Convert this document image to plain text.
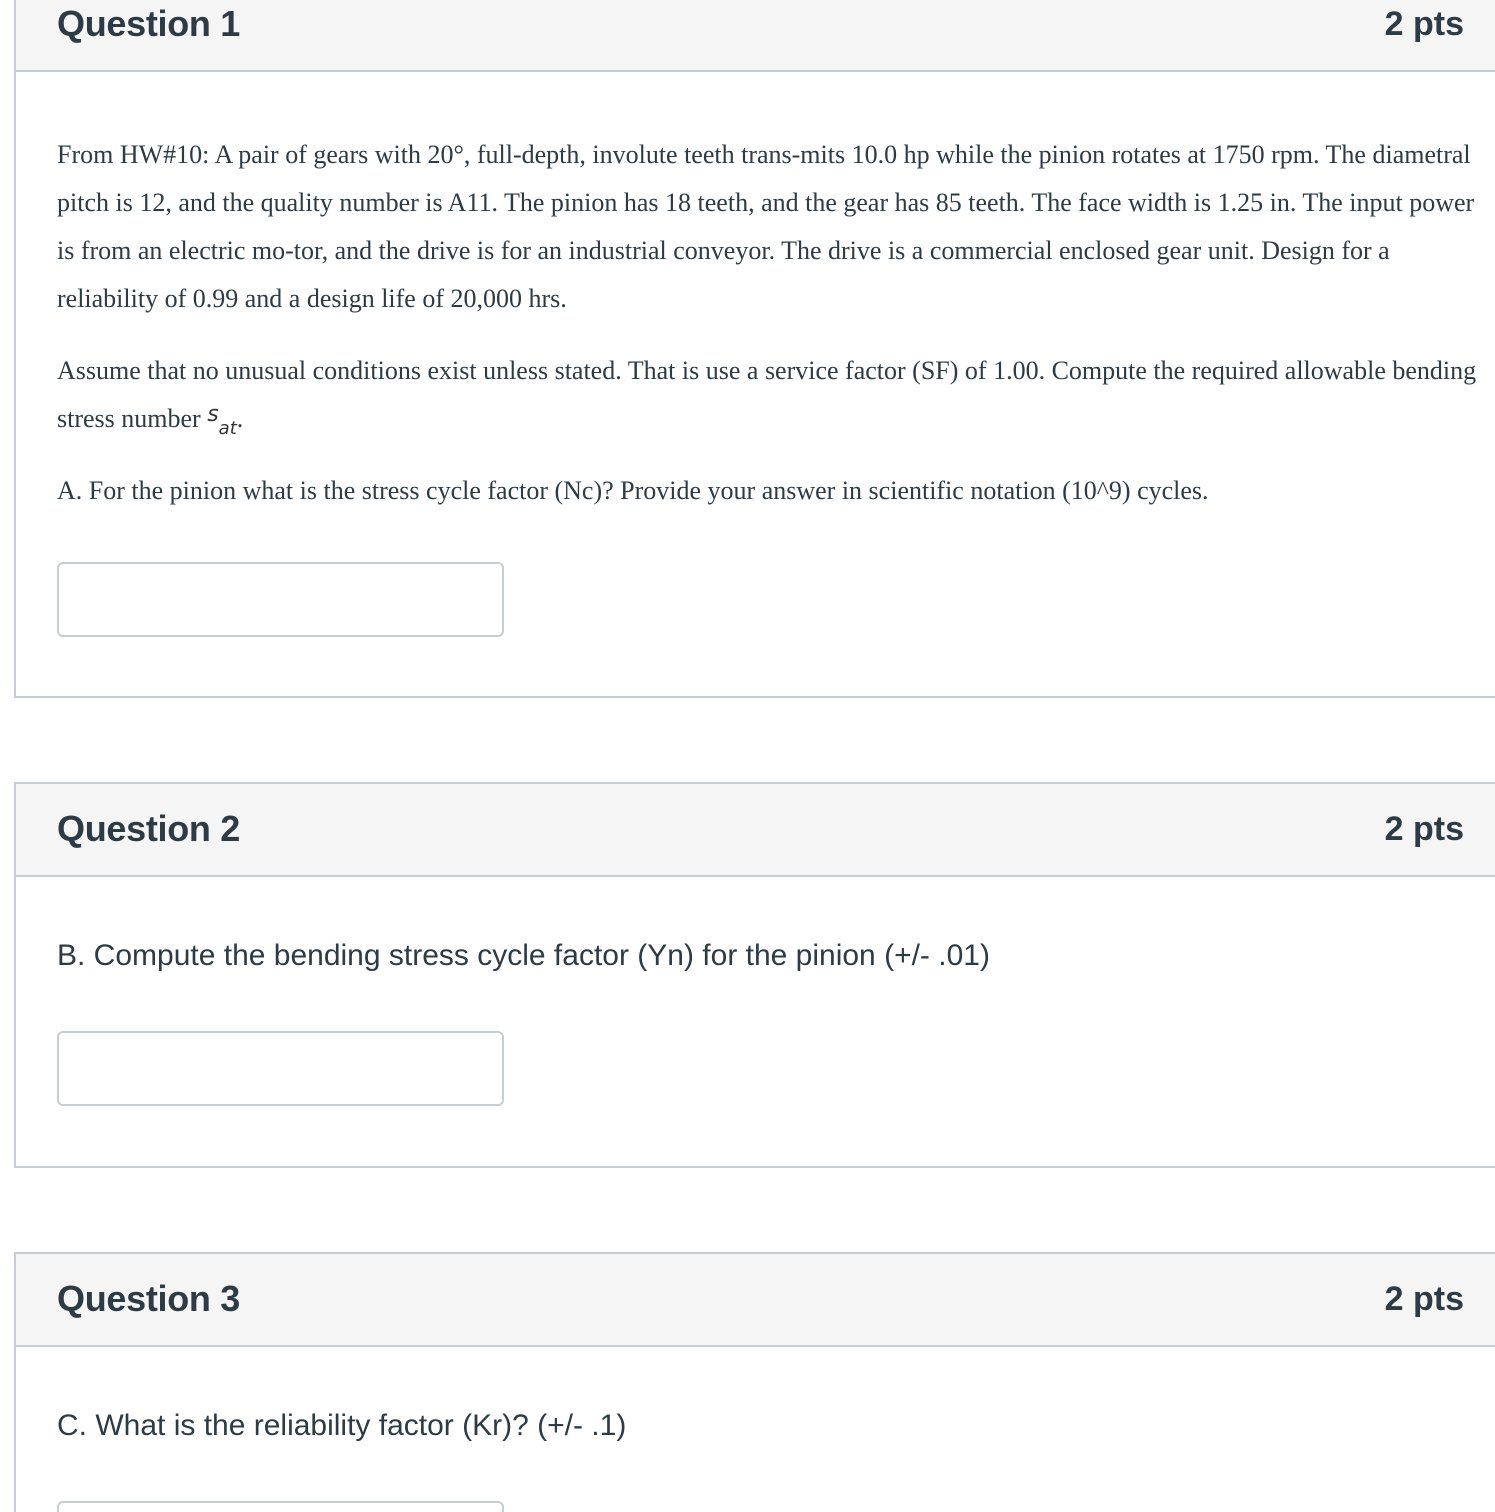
Question 1	2 pts

From HW#10: A pair of gears with 20°, full-depth, involute teeth trans-mits 10.0 hp while the pinion rotates at 1750 rpm. The diametral pitch is 12, and the quality number is A11. The pinion has 18 teeth, and the gear has 85 teeth. The face width is 1.25 in. The input power is from an electric mo-tor, and the drive is for an industrial conveyor. The drive is a commercial enclosed gear unit. Design for a reliability of 0.99 and a design life of 20,000 hrs.

Assume that no unusual conditions exist unless stated. That is use a service factor (SF) of 1.00. Compute the required allowable bending stress number $s_{at}$.

A. For the pinion what is the stress cycle factor (Nc)? Provide your answer in scientific notation (10^9) cycles.

Question 2	2 pts

B. Compute the bending stress cycle factor (Yn) for the pinion (+/- .01)

Question 3	2 pts

C. What is the reliability factor (Kr)? (+/- .1)
